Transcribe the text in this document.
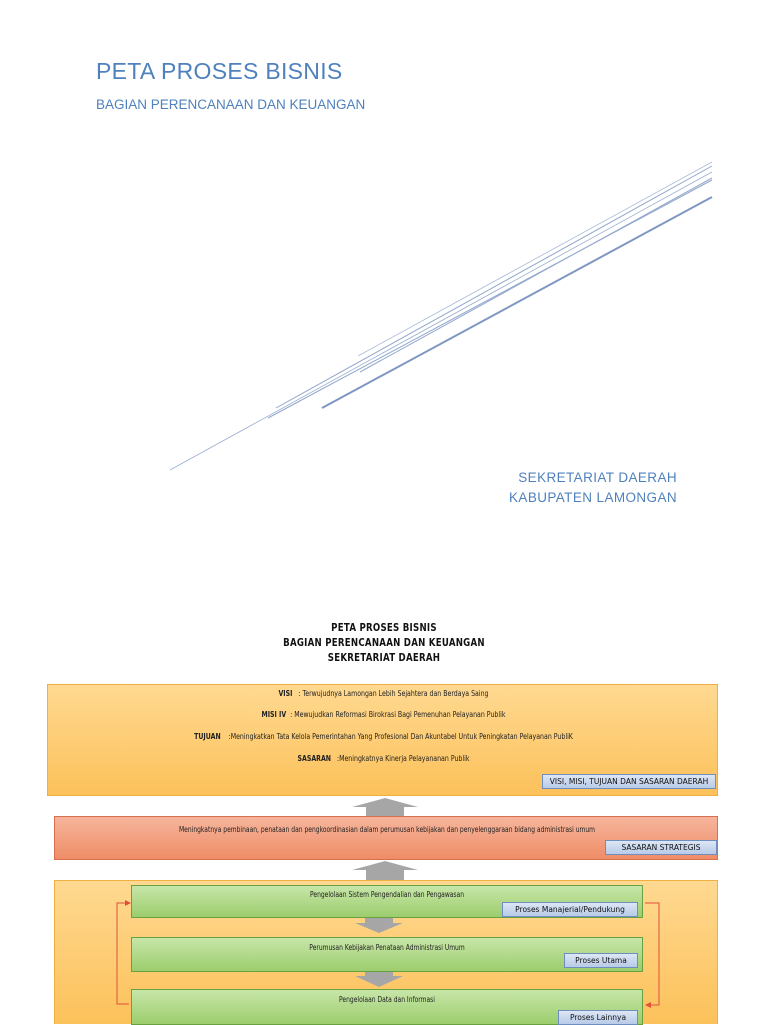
PETA PROSES BISNIS

BAGIAN PERENCANAAN DAN KEUANGAN

SEKRETARIAT DAERAH
KABUPATEN LAMONGAN
PETA PROSES BISNIS
BAGIAN PERENCANAAN DAN KEUANGAN
SEKRETARIAT DAERAH
VISI : Terwujudnya Lamongan Lebih Sejahtera dan Berdaya Saing
MISI IV : Mewujudkan Reformasi Birokrasi Bagi Pemenuhan Pelayanan Publik
TUJUAN :Meningkatkan Tata Kelola Pemerintahan Yang Profesional Dan Akuntabel Untuk Peningkatan Pelayanan PubliK
SASARAN :Meningkatnya Kinerja Pelayananan Publik
VISI, MISI, TUJUAN DAN SASARAN DAERAH
Meningkatnya pembinaan, penataan dan pengkoordinasian dalam perumusan kebijakan dan penyelenggaraan bidang administrasi umum
SASARAN STRATEGIS
Pengelolaan Sistem Pengendalian dan Pengawasan
Proses Manajerial/Pendukung
Perumusan Kebijakan Penataan Administrasi Umum
Proses Utama
Pengelolaan Data dan Informasi
Proses Lainnya
